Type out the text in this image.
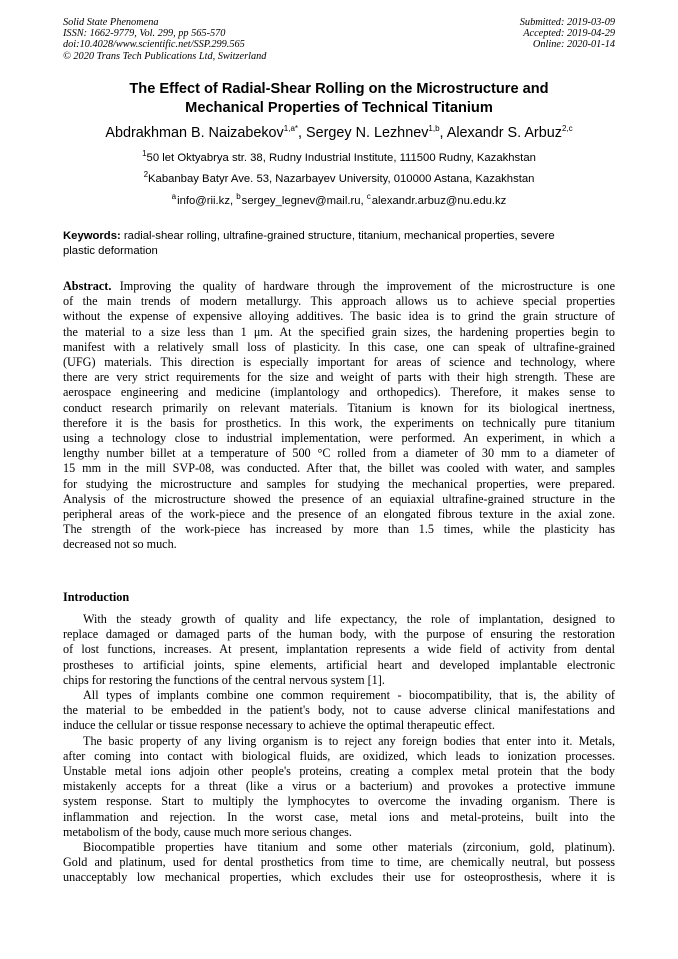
Solid State Phenomena
ISSN: 1662-9779, Vol. 299, pp 565-570
doi:10.4028/www.scientific.net/SSP.299.565
© 2020 Trans Tech Publications Ltd, Switzerland
Submitted: 2019-03-09
Accepted: 2019-04-29
Online: 2020-01-14
The Effect of Radial-Shear Rolling on the Microstructure and
Mechanical Properties of Technical Titanium
Abdrakhman B. Naizabekov$^{1,a*}$, Sergey N. Lezhnev$^{1,b}$, Alexandr S. Arbuz$^{2,c}$
$^1$50 let Oktyabrya str. 38, Rudny Industrial Institute, 111500 Rudny, Kazakhstan
$^2$Kabanbay Batyr Ave. 53, Nazarbayev University, 010000 Astana, Kazakhstan
$^a$ info@rii.kz, $^b$ sergey_legnev@mail.ru, $^c$ alexandr.arbuz@nu.edu.kz
Keywords: radial-shear rolling, ultrafine-grained structure, titanium, mechanical properties, severe
plastic deformation
Abstract. Improving the quality of hardware through the improvement of the microstructure is one
of the main trends of modern metallurgy. This approach allows us to achieve special properties
without the expense of expensive alloying additives. The basic idea is to grind the grain structure of
the material to a size less than 1 μm. At the specified grain sizes, the hardening properties begin to
manifest with a relatively small loss of plasticity. In this case, one can speak of ultrafine-grained
(UFG) materials. This direction is especially important for areas of science and technology, where
there are very strict requirements for the size and weight of parts with their high strength. These are
aerospace engineering and medicine (implantology and orthopedics). Therefore, it makes sense to
conduct research primarily on relevant materials. Titanium is known for its biological inertness,
therefore it is the basis for prosthetics. In this work, the experiments on technically pure titanium
using a technology close to industrial implementation, were performed. An experiment, in which a
lengthy number billet at a temperature of 500 °C rolled from a diameter of 30 mm to a diameter of
15 mm in the mill SVP-08, was conducted. After that, the billet was cooled with water, and samples
for studying the microstructure and samples for studying the mechanical properties, were prepared.
Analysis of the microstructure showed the presence of an equiaxial ultrafine-grained structure in the
peripheral areas of the work-piece and the presence of an elongated fibrous texture in the axial zone.
The strength of the work-piece has increased by more than 1.5 times, while the plasticity has
decreased not so much.
Introduction
With the steady growth of quality and life expectancy, the role of implantation, designed to
replace damaged or damaged parts of the human body, with the purpose of ensuring the restoration
of lost functions, increases. At present, implantation represents a wide field of activity from dental
prostheses to artificial joints, spine elements, artificial heart and developed implantable electronic
chips for restoring the functions of the central nervous system [1].
All types of implants combine one common requirement - biocompatibility, that is, the ability of
the material to be embedded in the patient's body, not to cause adverse clinical manifestations and
induce the cellular or tissue response necessary to achieve the optimal therapeutic effect.
The basic property of any living organism is to reject any foreign bodies that enter into it. Metals,
after coming into contact with biological fluids, are oxidized, which leads to ionization processes.
Unstable metal ions adjoin other people's proteins, creating a complex metal protein that the body
mistakenly accepts for a threat (like a virus or a bacterium) and provokes a protective immune
system response. Start to multiply the lymphocytes to overcome the invading organism. There is
inflammation and rejection. In the worst case, metal ions and metal-proteins, built into the
metabolism of the body, cause much more serious changes.
Biocompatible properties have titanium and some other materials (zirconium, gold, platinum).
Gold and platinum, used for dental prosthetics from time to time, are chemically neutral, but possess
unacceptably low mechanical properties, which excludes their use for osteoprosthesis, where it is
